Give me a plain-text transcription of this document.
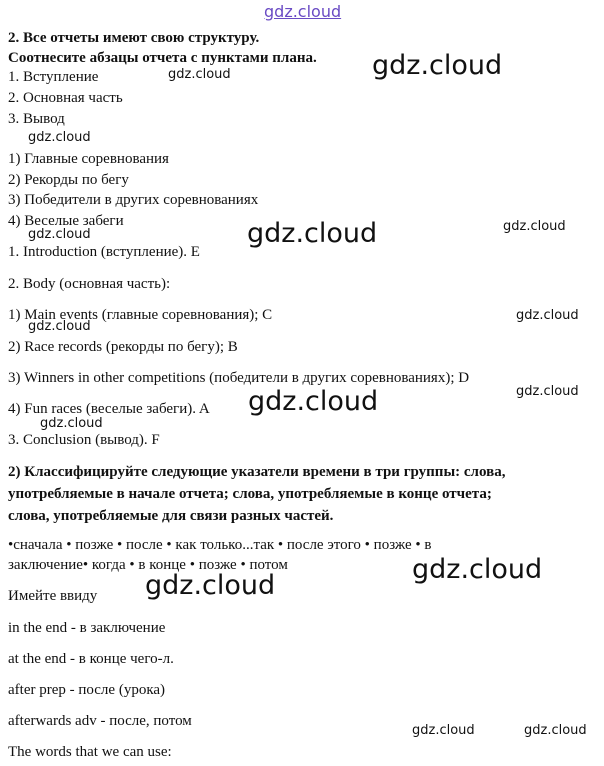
2. Все отчеты имеют свою структуру.
Соотнесите абзацы отчета с пунктами плана.
1. Вступление
2. Основная часть
3. Вывод
1) Главные соревнования
2) Рекорды по бегу
3) Победители в других соревнованиях
4) Веселые забеги
1. Introduction (вступление). E
2. Body (основная часть):
1) Main events (главные соревнования); C
2) Race records (рекорды по бегу); B
3) Winners in other competitions (победители в других соревнованиях); D
4) Fun races (веселые забеги). A
3. Conclusion (вывод). F
2) Классифицируйте следующие указатели времени в три группы: слова,
употребляемые в начале отчета; слова, употребляемые в конце отчета;
слова, употребляемые для связи разных частей.
•сначала • позже • после • как только...так • после этого • позже • в
заключение• когда • в конце • позже • потом
Имейте ввиду
in the end - в заключение
at the end - в конце чего-л.
after prep - после (урока)
afterwards adv - после, потом
The words that we can use:
gdz.cloud
gdz.cloud	gdz.cloud
gdz.cloud
gdz.cloud	gdz.cloud
gdz.cloud
gdz.cloud
gdz.cloud
gdz.cloud
gdz.cloud
gdz.cloud
gdz.cloud
gdz.cloud
gdz.cloud	gdz.cloud
